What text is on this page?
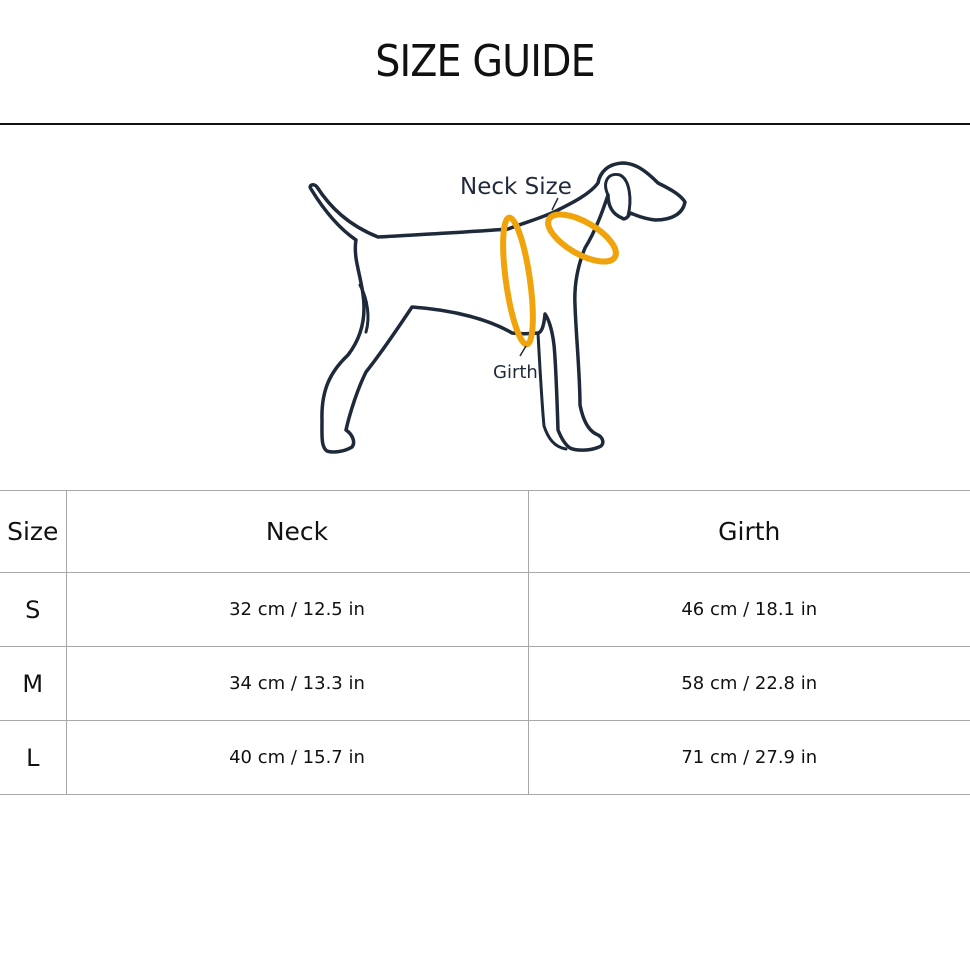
SIZE GUIDE
Neck Size
Girth
Size	Neck	Girth
S	32 cm / 12.5 in	46 cm / 18.1 in
M	34 cm / 13.3 in	58 cm / 22.8 in
L	40 cm / 15.7 in	71 cm / 27.9 in
